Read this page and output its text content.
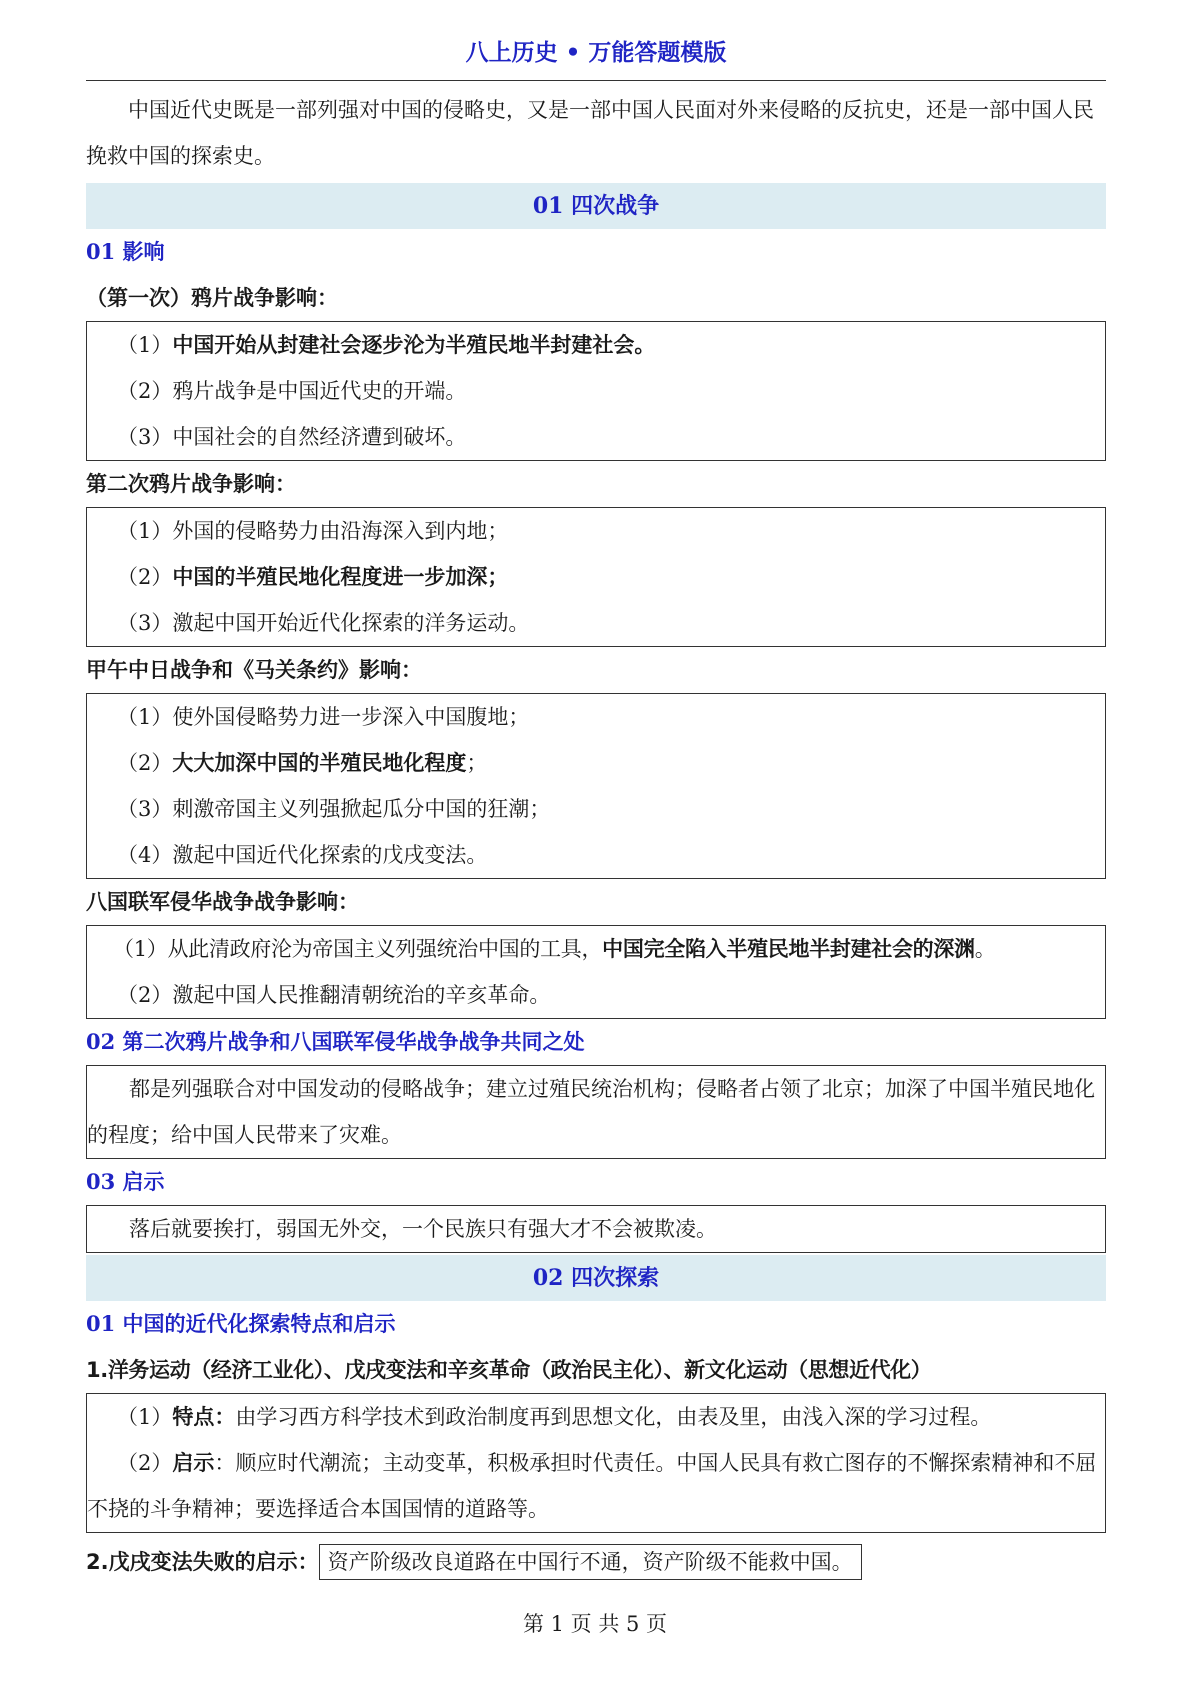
八上历史 • 万能答题模版

中国近代史既是一部列强对中国的侵略史，又是一部中国人民面对外来侵略的反抗史，还是一部中国人民挽救中国的探索史。

01 四次战争
01 影响
（第一次）鸦片战争影响：
（1）中国开始从封建社会逐步沦为半殖民地半封建社会。
（2）鸦片战争是中国近代史的开端。
（3）中国社会的自然经济遭到破坏。
第二次鸦片战争影响：
（1）外国的侵略势力由沿海深入到内地；
（2）中国的半殖民地化程度进一步加深；
（3）激起中国开始近代化探索的洋务运动。
甲午中日战争和《马关条约》影响：
（1）使外国侵略势力进一步深入中国腹地；
（2）大大加深中国的半殖民地化程度；
（3）刺激帝国主义列强掀起瓜分中国的狂潮；
（4）激起中国近代化探索的戊戌变法。
八国联军侵华战争战争影响：
（1）从此清政府沦为帝国主义列强统治中国的工具，中国完全陷入半殖民地半封建社会的深渊。
（2）激起中国人民推翻清朝统治的辛亥革命。
02 第二次鸦片战争和八国联军侵华战争战争共同之处

都是列强联合对中国发动的侵略战争；建立过殖民统治机构；侵略者占领了北京；加深了中国半殖民地化的程度；给中国人民带来了灾难。

03 启示

落后就要挨打，弱国无外交，一个民族只有强大才不会被欺凌。

02 四次探索
01 中国的近代化探索特点和启示
1.洋务运动（经济工业化）、戊戌变法和辛亥革命（政治民主化）、新文化运动（思想近代化）

（1）特点：由学习西方科学技术到政治制度再到思想文化，由表及里，由浅入深的学习过程。

（2）启示：顺应时代潮流；主动变革，积极承担时代责任。中国人民具有救亡图存的不懈探索精神和不屈不挠的斗争精神；要选择适合本国国情的道路等。

2.戊戌变法失败的启示： 资产阶级改良道路在中国行不通，资产阶级不能救中国。
第 1 页 共 5 页
